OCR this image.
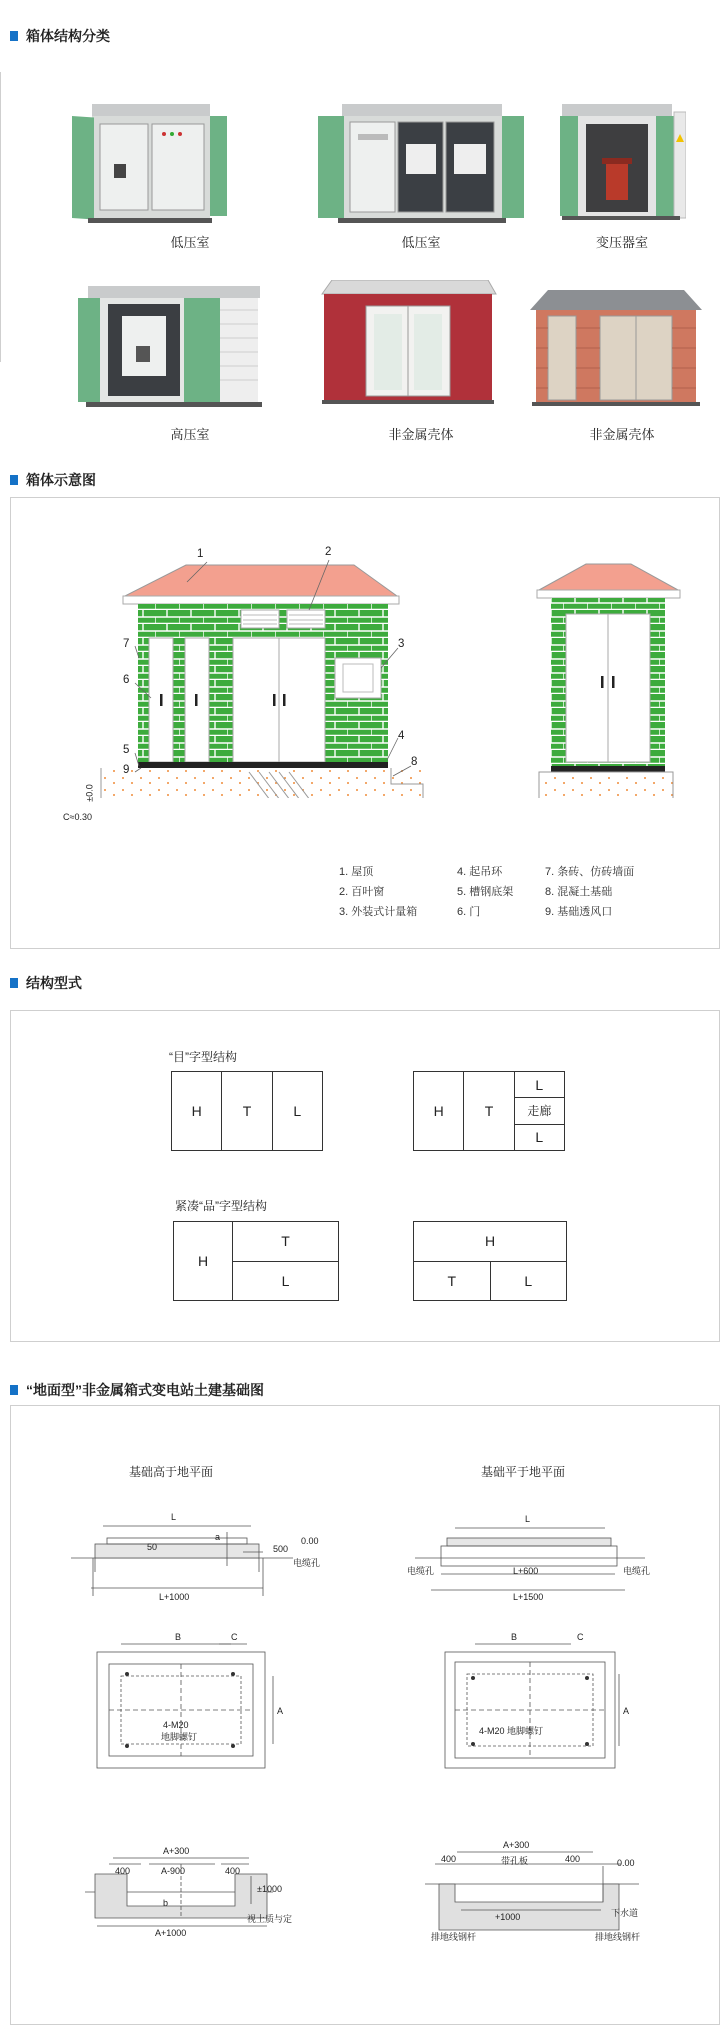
箱体结构分类
低压室	低压室	变压器室
高压室	非金属壳体	非金属壳体
箱体示意图
1	2
3
4
5
6
7
8
9
±0.0
C≈0.30
1. 屋顶	4. 起吊环	7. 条砖、仿砖墙面
2. 百叶窗	5. 槽钢底架	8. 混凝土基础
3. 外装式计量箱	6. 门	9. 基础透风口
结构型式
“目”字型结构
H	T	L	H	T
L
走廊
L
紧凑“品”字型结构
H
T
L
H
T	L
“地面型”非金属箱式变电站土建基础图
基础高于地平面	基础平于地平面
L
L+1000
0.00
电缆孔
a
500
50
B	C
A
4-M20
地脚螺钉
A+300
400	A-900	400
A+1000
b
±1000
视土质与定
L
L+600
L+1500
电缆孔	电缆孔
B	C
A
4-M20 地脚螺钉
A+300
400	带孔板	400	0.00
+1000	下水道
排地线钢杆	排地线钢杆
